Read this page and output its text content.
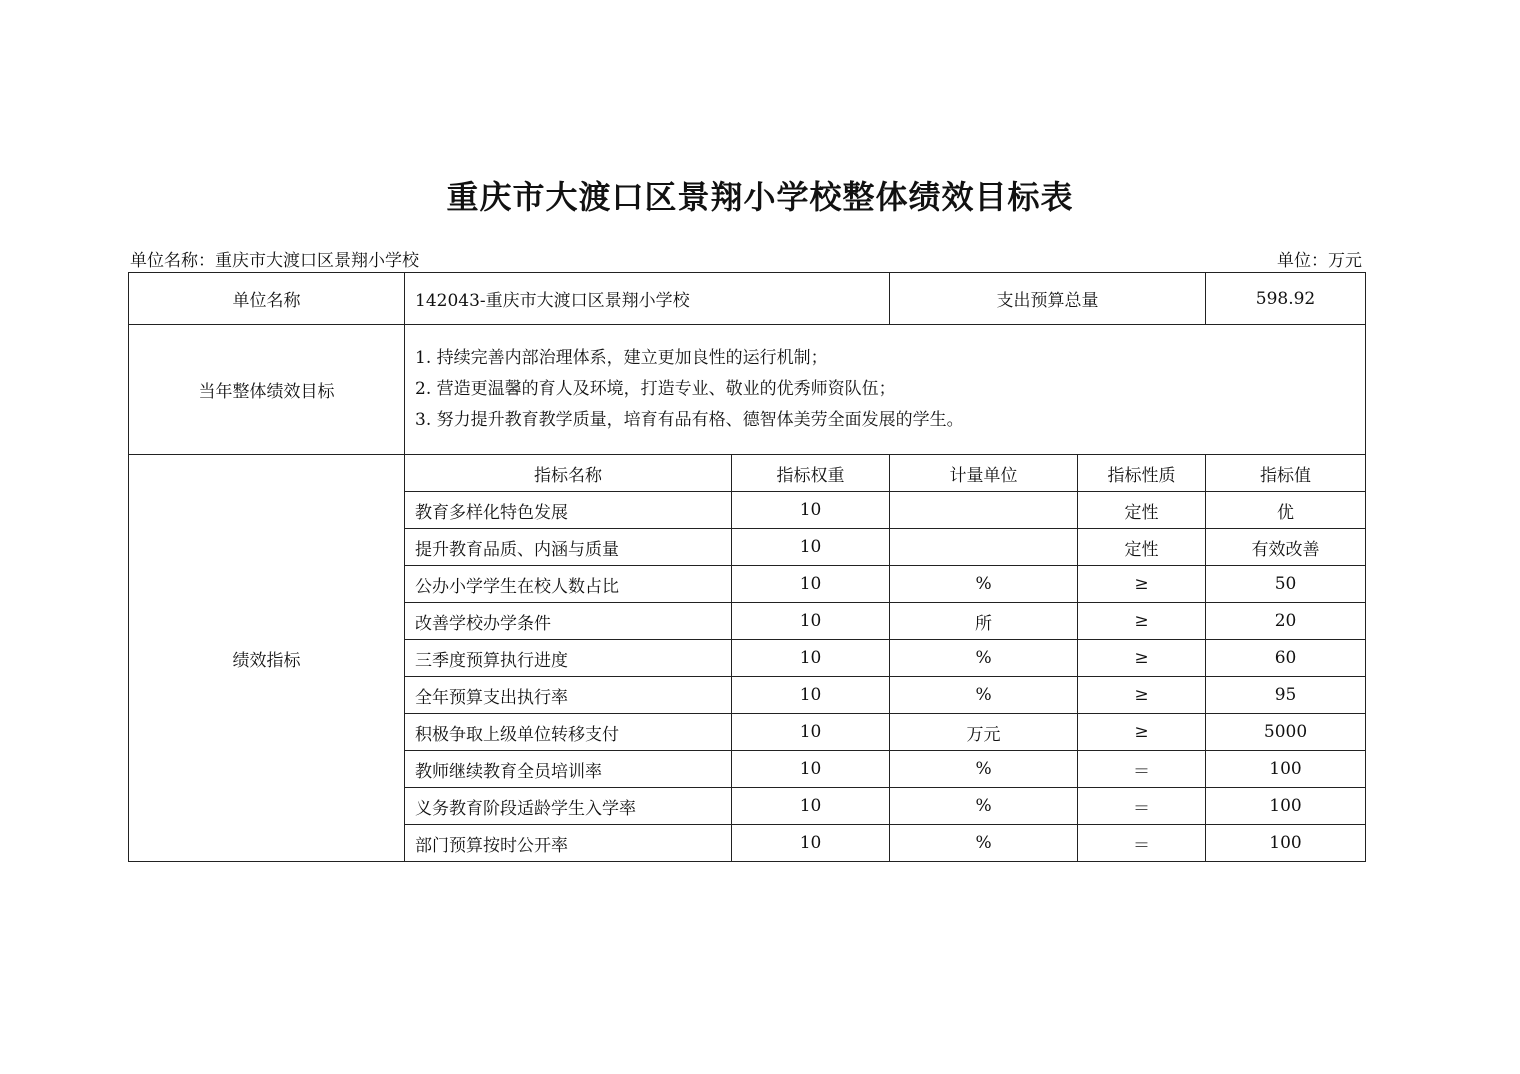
重庆市大渡口区景翔小学校整体绩效目标表
单位名称：重庆市大渡口区景翔小学校	单位：万元
单位名称	142043-重庆市大渡口区景翔小学校		支出预算总量		598.92
当年整体绩效目标	1. 持续完善内部治理体系，建立更加良性的运行机制；
2. 营造更温馨的育人及环境，打造专业、敬业的优秀师资队伍；
3. 努力提升教育教学质量，培育有品有格、德智体美劳全面发展的学生。				

绩效指标	指标名称	指标权重	计量单位	指标性质	指标值
	教育多样化特色发展	10		定性	优
	提升教育品质、内涵与质量	10		定性	有效改善
	公办小学学生在校人数占比	10	%	≥	50
	改善学校办学条件	10	所	≥	20
	三季度预算执行进度	10	%	≥	60
	全年预算支出执行率	10	%	≥	95
	积极争取上级单位转移支付	10	万元	≥	5000
	教师继续教育全员培训率	10	%	＝	100
	义务教育阶段适龄学生入学率	10	%	＝	100
	部门预算按时公开率	10	%	＝	100
